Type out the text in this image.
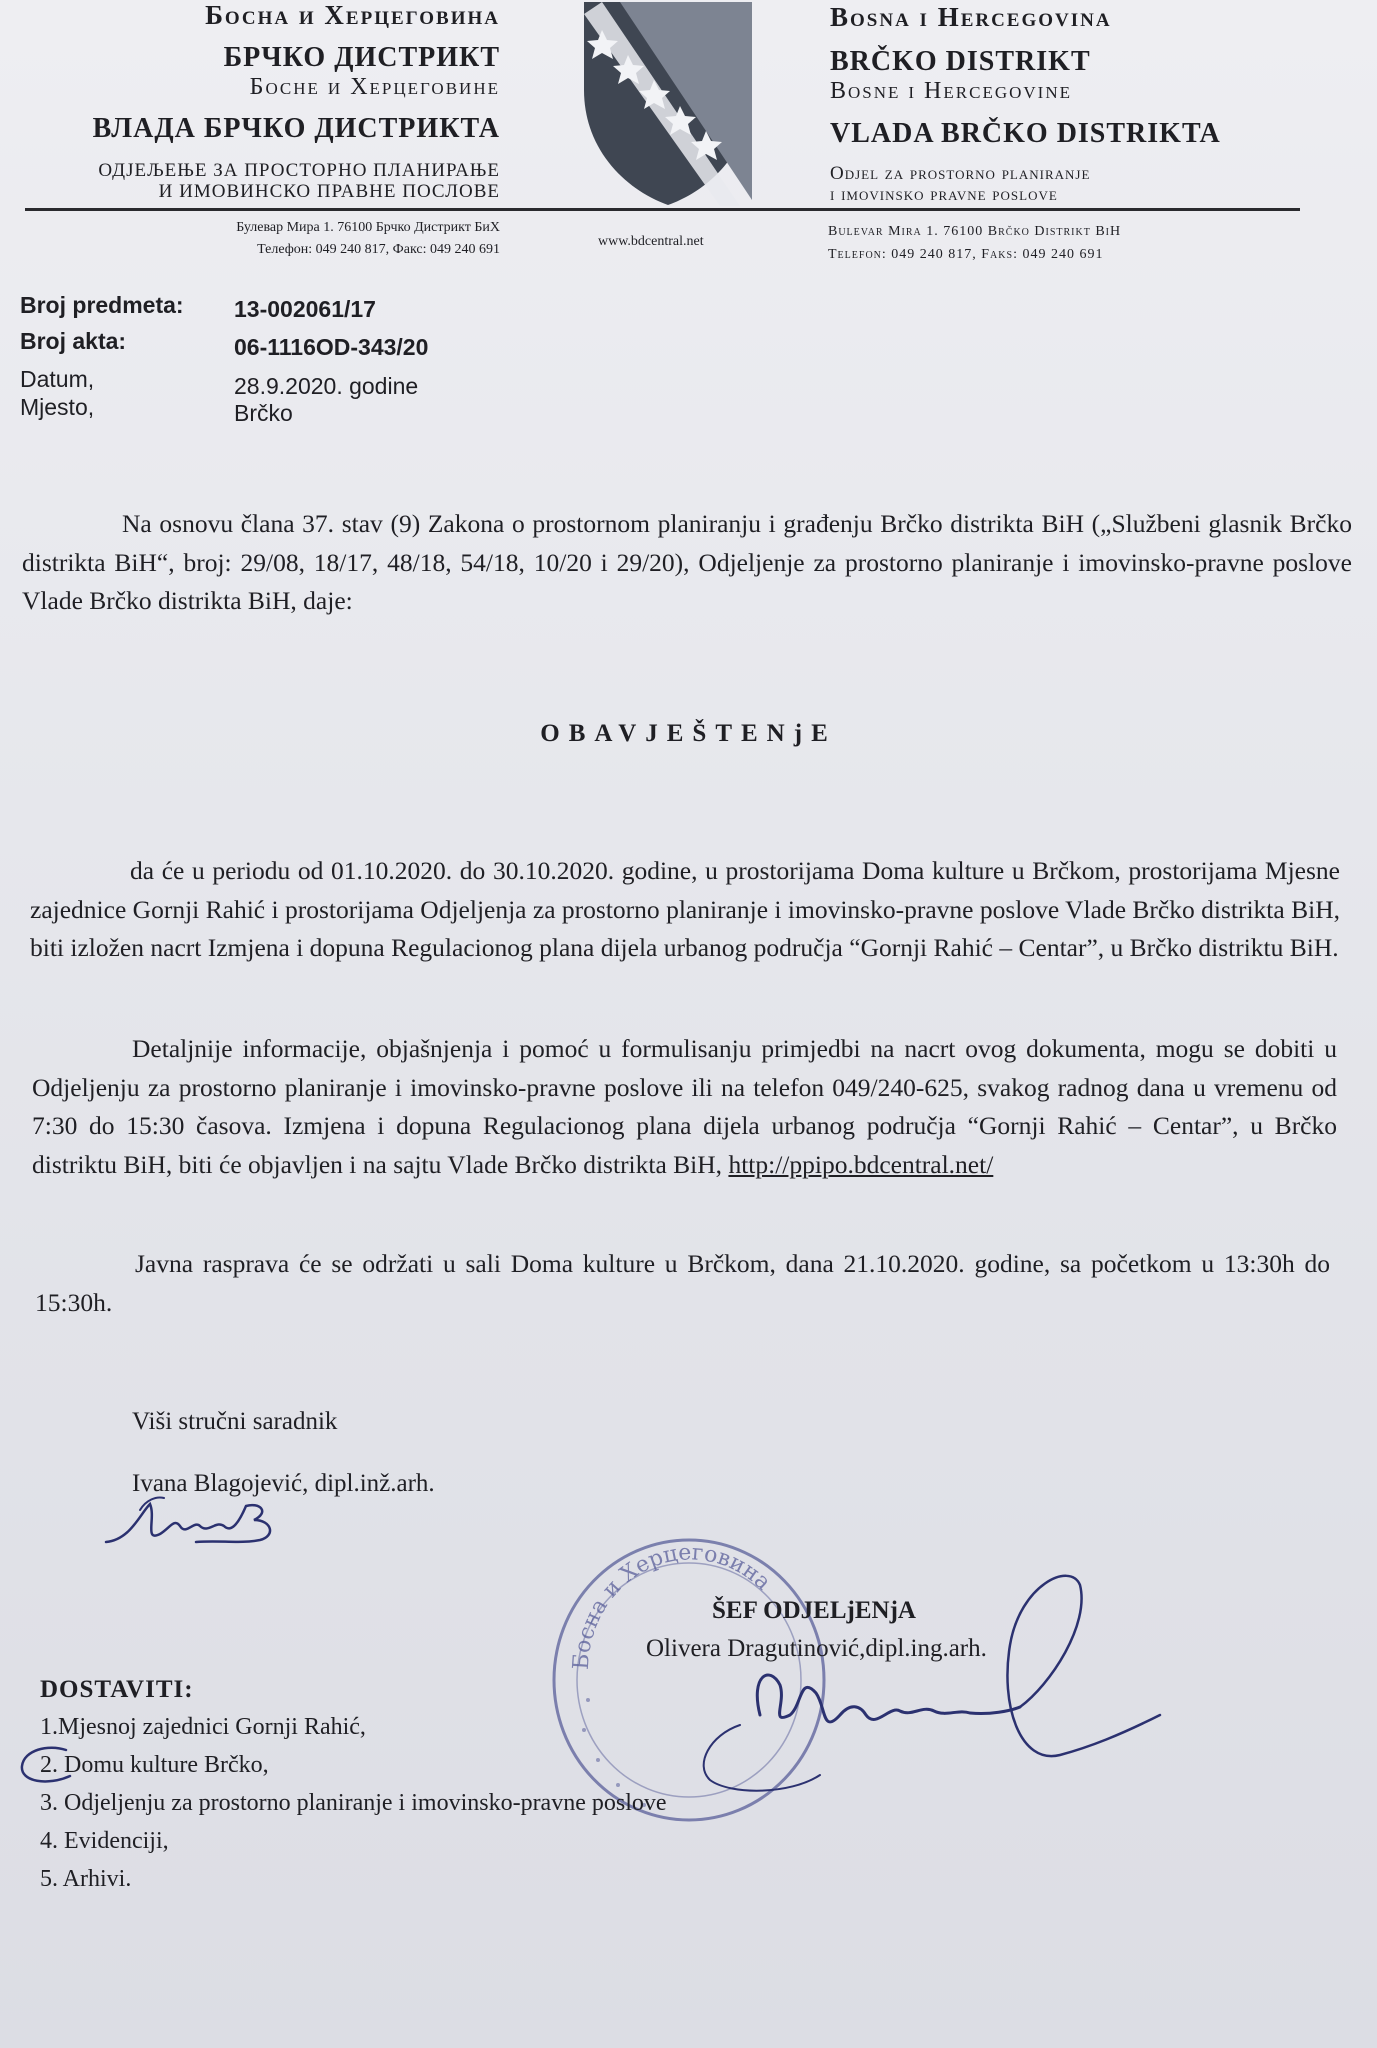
Босна и Херцеговина
БРЧКО ДИСТРИКТ
Босне и Херцеговине
ВЛАДА БРЧКО ДИСТРИКТА
ОДЈЕЉЕЊЕ ЗА ПРОСТОРНО ПЛАНИРАЊЕ
И ИМОВИНСКО ПРАВНЕ ПОСЛОВЕ
Bosna i Hercegovina
BRČKO DISTRIKT
Bosne i Hercegovine
VLADA BRČKO DISTRIKTA
Odjel za prostorno planiranje
i imovinsko pravne poslove
Булевар Мира 1. 76100 Брчко Дистрикт БиХ
Телефон: 049 240 817, Факс: 049 240 691
www.bdcentral.net
Bulevar Mira 1. 76100 Brčko Distrikt BiH
Telefon: 049 240 817, Faks: 049 240 691
Broj predmeta: 13-002061/17
Broj akta:	06-1116OD-343/20
Datum,	28.9.2020. godine
Mjesto,	Brčko
Na osnovu člana 37. stav (9) Zakona o prostornom planiranju i građenju Brčko distrikta BiH („Službeni glasnik Brčko distrikta BiH“, broj: 29/08, 18/17, 48/18, 54/18, 10/20 i 29/20), Odjeljenje za prostorno planiranje i imovinsko-pravne poslove Vlade Brčko distrikta BiH, daje:
OBAVJEŠTENjE
da će u periodu od 01.10.2020. do 30.10.2020. godine, u prostorijama Doma kulture u Brčkom, prostorijama Mjesne zajednice Gornji Rahić i prostorijama Odjeljenja za prostorno planiranje i imovinsko-pravne poslove Vlade Brčko distrikta BiH, biti izložen nacrt Izmjena i dopuna Regulacionog plana dijela urbanog područja “Gornji Rahić – Centar”, u Brčko distriktu BiH.
Detaljnije informacije, objašnjenja i pomoć u formulisanju primjedbi na nacrt ovog dokumenta, mogu se dobiti u Odjeljenju za prostorno planiranje i imovinsko-pravne poslove ili na telefon 049/240-625, svakog radnog dana u vremenu od 7:30 do 15:30 časova. Izmjena i dopuna Regulacionog plana dijela urbanog područja “Gornji Rahić – Centar”, u Brčko distriktu BiH, biti će objavljen i na sajtu Vlade Brčko distrikta BiH, http://ppipo.bdcentral.net/
Javna rasprava će se održati u sali Doma kulture u Brčkom, dana 21.10.2020. godine, sa početkom u 13:30h do 15:30h.
Viši stručni saradnik
Ivana Blagojević, dipl.inž.arh.
Босна и Херцеговина
ŠEF ODJELjENjA
Olivera Dragutinović,dipl.ing.arh.
DOSTAVITI:
1.Mjesnoj zajednici Gornji Rahić,
2. Domu kulture Brčko,
3. Odjeljenju za prostorno planiranje i imovinsko-pravne poslove
4. Evidenciji,
5. Arhivi.
